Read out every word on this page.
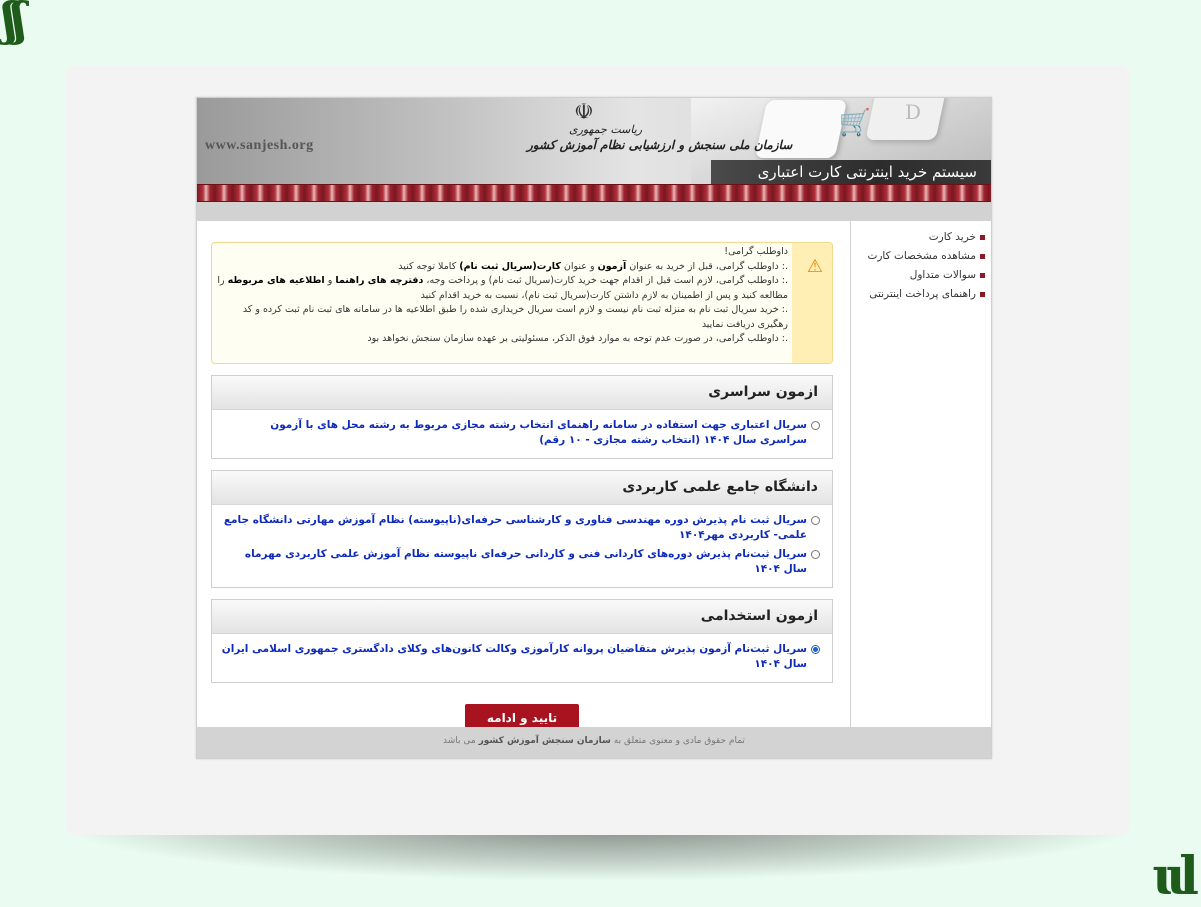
ʃʃ
ɩɩl
🛒 D
www.sanjesh.org
☫
ریاست جمهوری
سازمان ملی سنجش و ارزشیابی نظام آموزش کشور
سیستم خرید اینترنتی کارت اعتباری
خرید کارت
مشاهده مشخصات کارت
سوالات متداول
راهنمای پرداخت اینترنتی
⚠

داوطلب گرامی!

.: داوطلب گرامی، قبل از خرید به عنوان آزمون و عنوان کارت(سریال ثبت نام) کاملا توجه کنید

.: داوطلب گرامی، لازم است قبل از اقدام جهت خرید کارت(سریال ثبت نام) و پرداخت وجه، دفترچه های راهنما و اطلاعیه های مربوطه را مطالعه کنید و پس از اطمینان به لازم داشتن کارت(سریال ثبت نام)، نسبت به خرید اقدام کنید

.: خرید سریال ثبت نام به منزله ثبت نام نیست و لازم است سریال خریداری شده را طبق اطلاعیه ها در سامانه های ثبت نام ثبت کرده و کد رهگیری دریافت نمایید

.: داوطلب گرامی، در صورت عدم توجه به موارد فوق الذکر، مسئولیتی بر عهده سازمان سنجش نخواهد بود

ازمون سراسری
سریال اعتباری جهت استفاده در سامانه راهنمای انتخاب رشته مجازی مربوط به رشته محل های با آزمون سراسری سال ۱۴۰۴ (انتخاب رشته مجازی - ۱۰ رقم)
دانشگاه جامع علمی کاربردی
سریال ثبت نام پذیرش دوره مهندسی فناوری و کارشناسی حرفه‌ای(ناپیوسته) نظام آموزش مهارتی دانشگاه جامع علمی- کاربردی مهر۱۴۰۴
سریال ثبت‌نام پذیرش دوره‌های کاردانی فنی و کاردانی حرفه‌ای ناپیوسته نظام آموزش علمی کاربردی مهرماه سال ۱۴۰۴
ازمون استخدامی
سریال ثبت‌نام آزمون پذیرش متقاضیان پروانه کارآموزی وکالت کانون‌های وکلای دادگستری جمهوری اسلامی ایران سال ۱۴۰۴
تایید و ادامه
تمام حقوق مادی و معنوی متعلق به سازمان سنجش آموزش کشور می باشد
